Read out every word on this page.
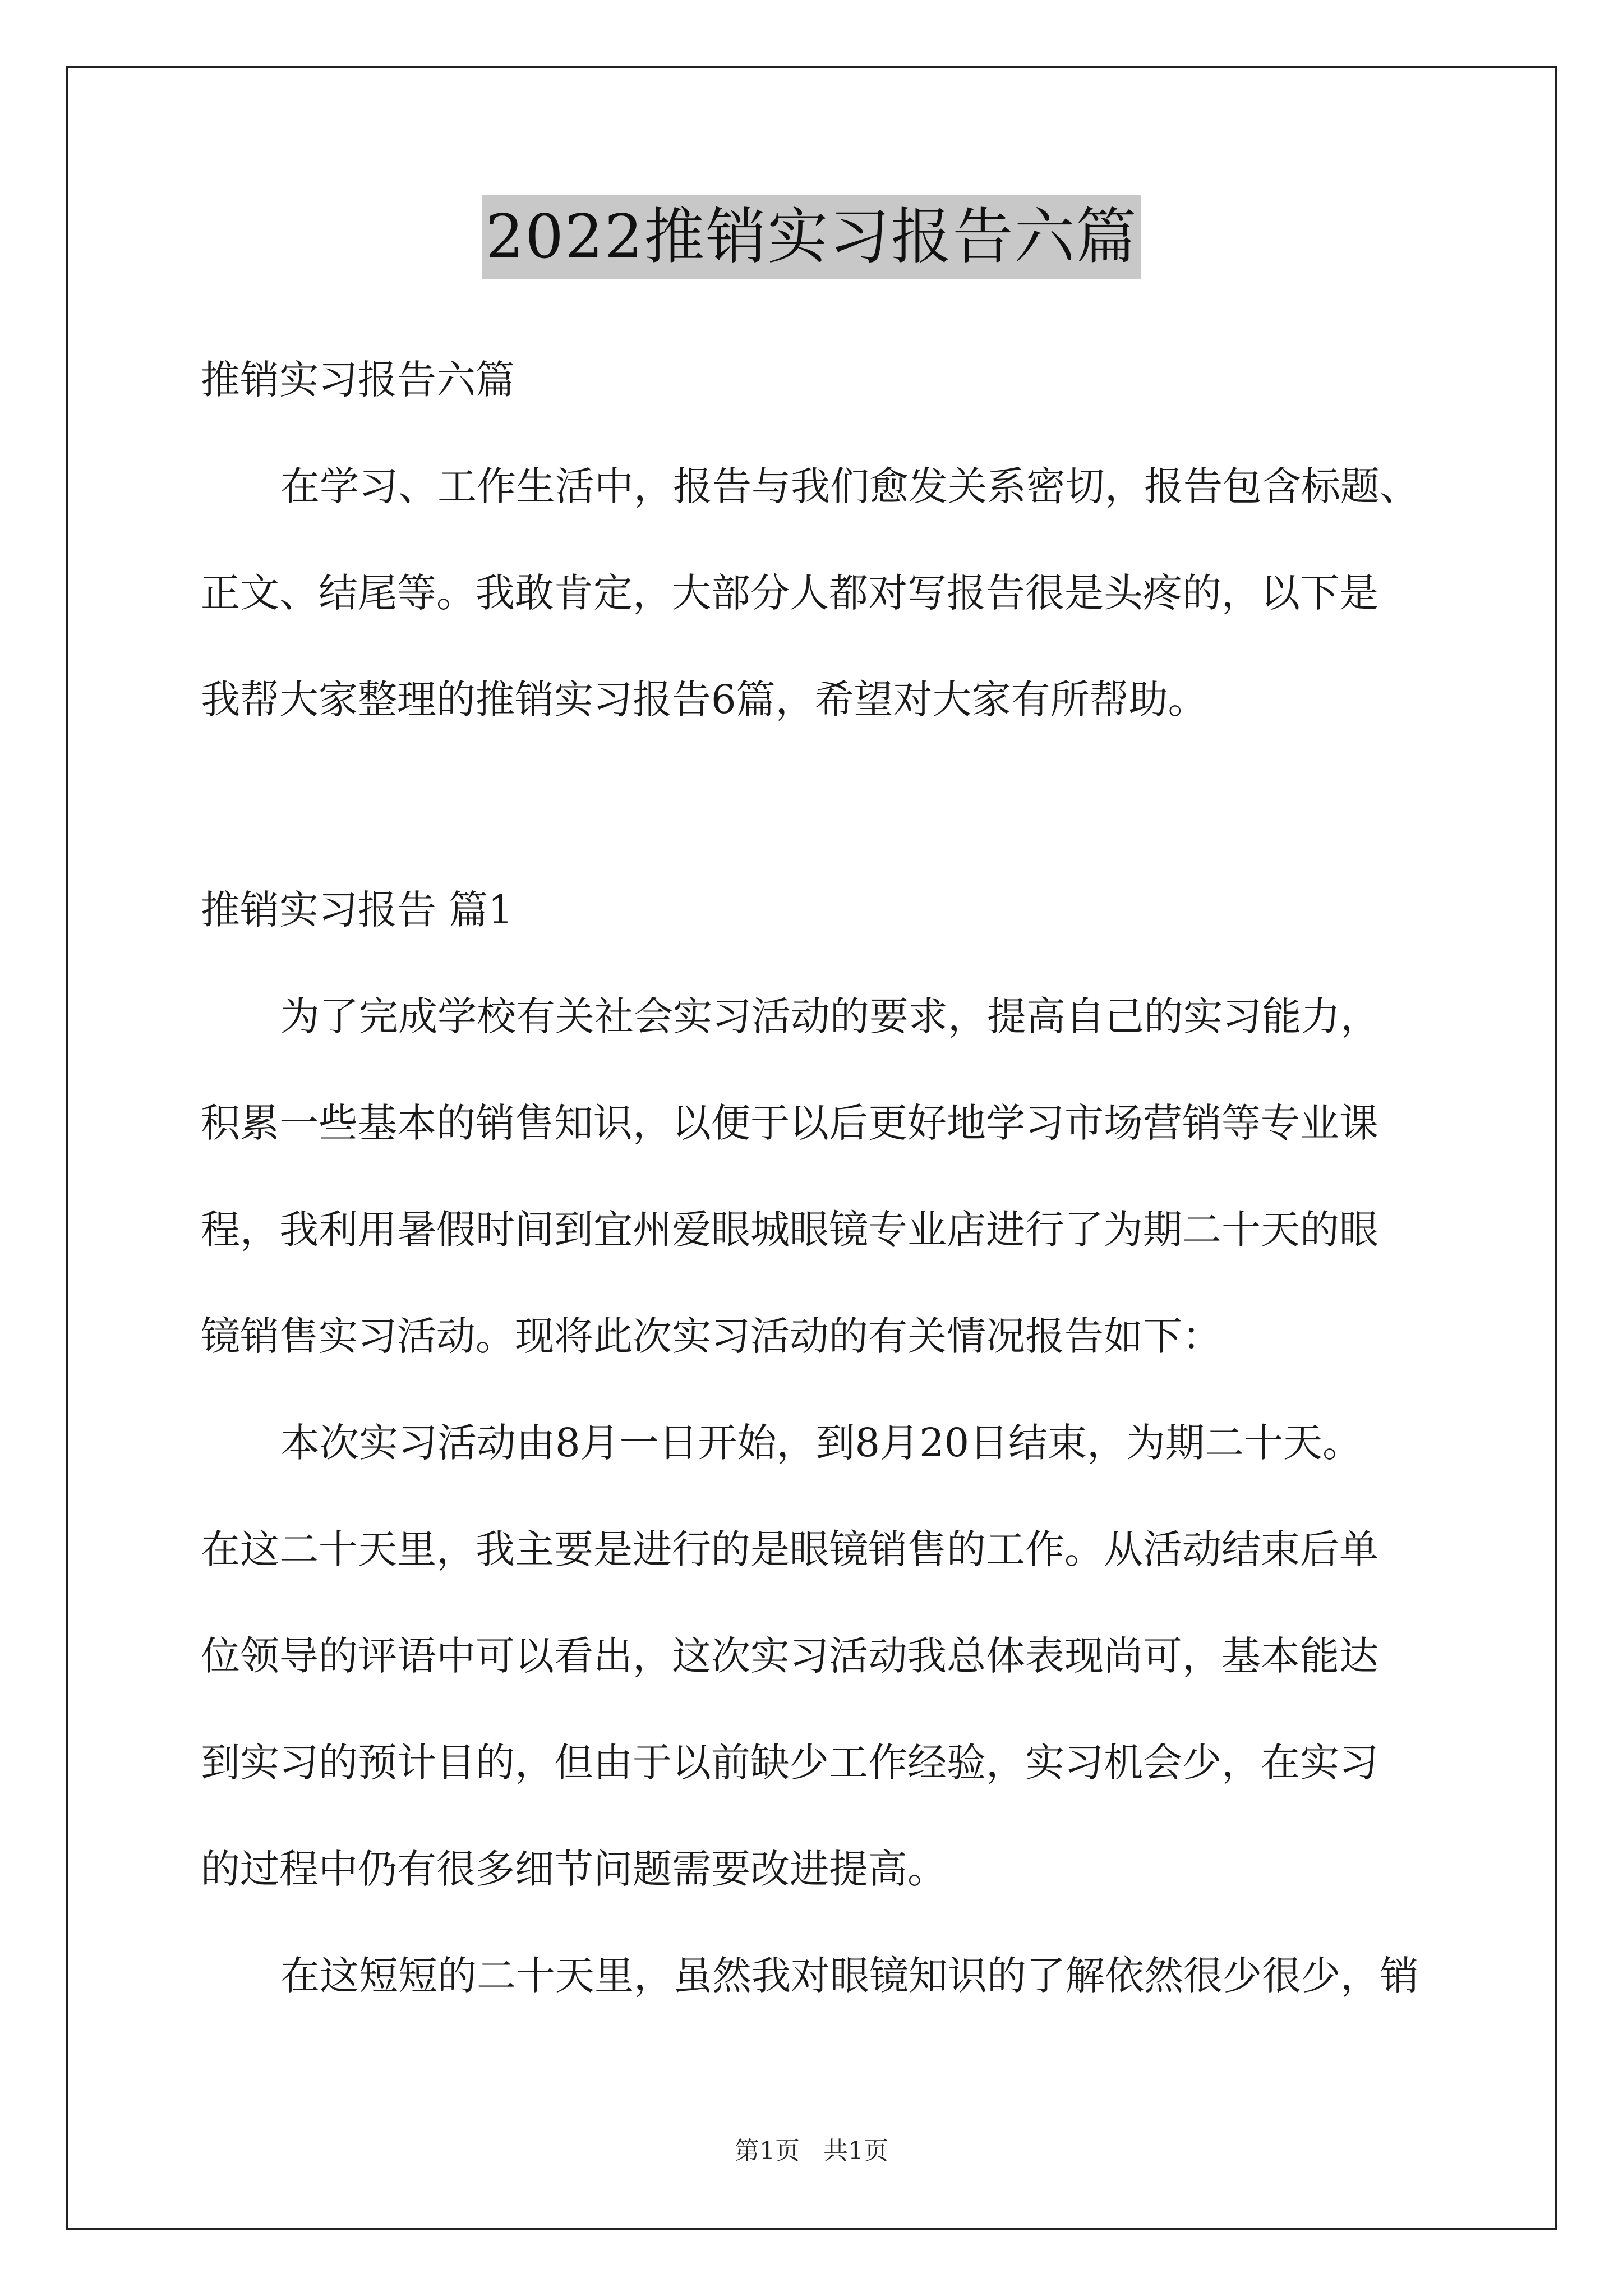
2022推销实习报告六篇
推销实习报告六篇
在学习、工作生活中，报告与我们愈发关系密切，报告包含标题、
正文、结尾等。我敢肯定，大部分人都对写报告很是头疼的，以下是
我帮大家整理的推销实习报告6篇，希望对大家有所帮助。
推销实习报告 篇1
为了完成学校有关社会实习活动的要求，提高自己的实习能力，
积累一些基本的销售知识，以便于以后更好地学习市场营销等专业课
程，我利用暑假时间到宜州爱眼城眼镜专业店进行了为期二十天的眼
镜销售实习活动。现将此次实习活动的有关情况报告如下：
本次实习活动由8月一日开始，到8月20日结束，为期二十天。
在这二十天里，我主要是进行的是眼镜销售的工作。从活动结束后单
位领导的评语中可以看出，这次实习活动我总体表现尚可，基本能达
到实习的预计目的，但由于以前缺少工作经验，实习机会少，在实习
的过程中仍有很多细节问题需要改进提高。
在这短短的二十天里，虽然我对眼镜知识的了解依然很少很少，销
第1页   共1页
